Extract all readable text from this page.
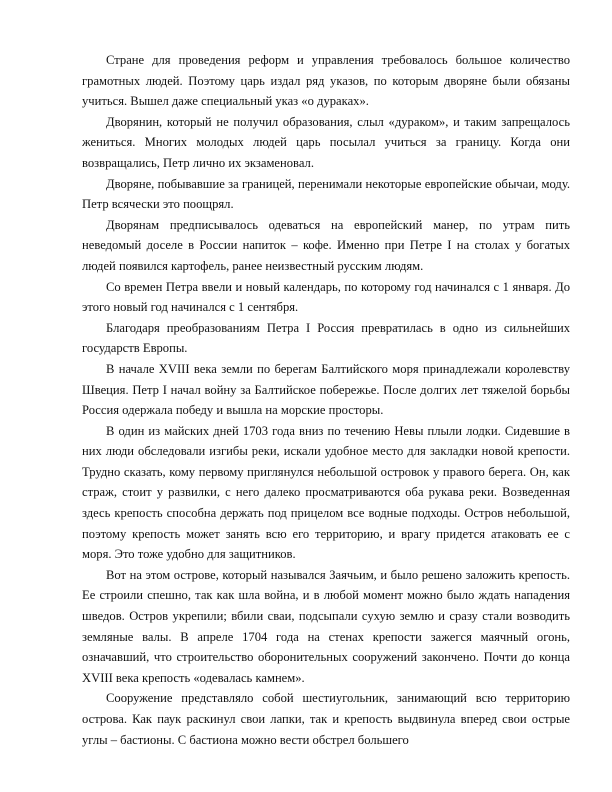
Стране для проведения реформ и управления требовалось большое количество грамотных людей. Поэтому царь издал ряд указов, по которым дворяне были обязаны учиться. Вышел даже специальный указ «о дураках».

Дворянин, который не получил образования, слыл «дураком», и таким запрещалось жениться. Многих молодых людей царь посылал учиться за границу. Когда они возвращались, Петр лично их экзаменовал.

Дворяне, побывавшие за границей, перенимали некоторые европейские обычаи, моду. Петр всячески это поощрял.

Дворянам предписывалось одеваться на европейский манер, по утрам пить неведомый доселе в России напиток – кофе. Именно при Петре I на столах у богатых людей появился картофель, ранее неизвестный русским людям.

Со времен Петра ввели и новый календарь, по которому год начинался с 1 января. До этого новый год начинался с 1 сентября.

Благодаря преобразованиям Петра I Россия превратилась в одно из сильнейших государств Европы.

В начале XVIII века земли по берегам Балтийского моря принадлежали королевству Швеция. Петр I начал войну за Балтийское побережье. После долгих лет тяжелой борьбы Россия одержала победу и вышла на морские просторы.

В один из майских дней 1703 года вниз по течению Невы плыли лодки. Сидевшие в них люди обследовали изгибы реки, искали удобное место для закладки новой крепости. Трудно сказать, кому первому приглянулся небольшой островок у правого берега. Он, как страж, стоит у развилки, с него далеко просматриваются оба рукава реки. Возведенная здесь крепость способна держать под прицелом все водные подходы. Остров небольшой, поэтому крепость может занять всю его территорию, и врагу придется атаковать ее с моря. Это тоже удобно для защитников.

Вот на этом острове, который назывался Заячьим, и было решено заложить крепость. Ее строили спешно, так как шла война, и в любой момент можно было ждать нападения шведов. Остров укрепили; вбили сваи, подсыпали сухую землю и сразу стали возводить земляные валы. В апреле 1704 года на стенах крепости зажегся маячный огонь, означавший, что строительство оборонительных сооружений закончено. Почти до конца XVIII века крепость «одевалась камнем».

Сооружение представляло собой шестиугольник, занимающий всю территорию острова. Как паук раскинул свои лапки, так и крепость выдвинула вперед свои острые углы – бастионы. С бастиона можно вести обстрел большего
